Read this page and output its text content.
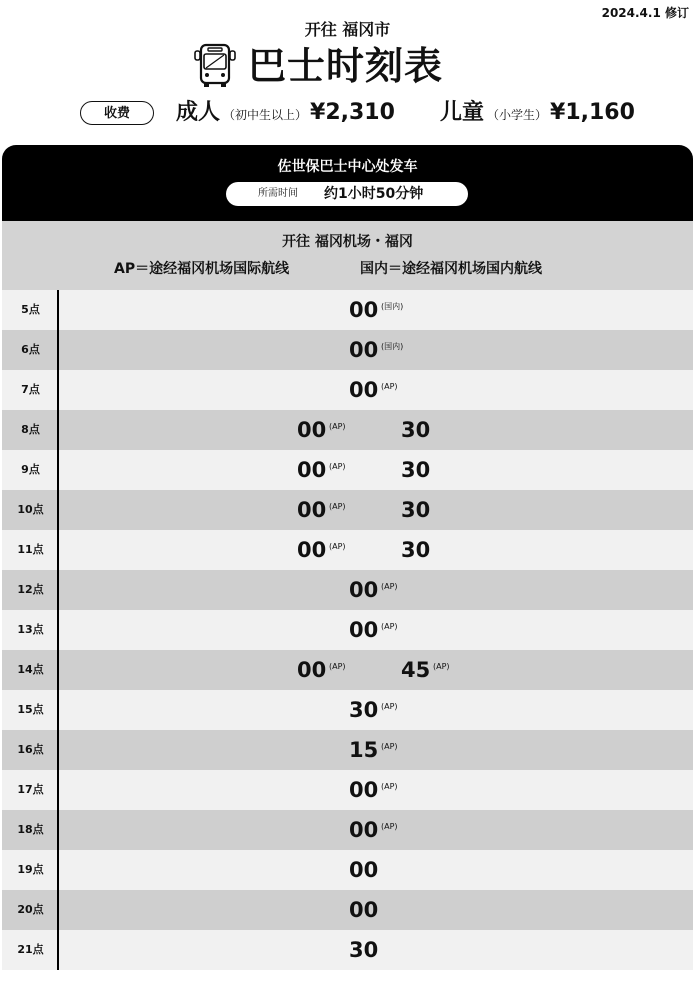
2024.4.1 修订
开往 福冈市
巴士时刻表
收费	成人 （初中生以上） ¥2,310 儿童 （小学生） ¥1,160
佐世保巴士中心处发车
所需时间 约1小时50分钟
开往 福冈机场・福冈
AP＝途经福冈机场国际航线	国内＝途经福冈机场国内航线
5点	00 (国内)
6点	00 (国内)
7点	00 (AP)
8点	00 (AP)	30
9点	00 (AP)	30
10点	00 (AP)	30
11点	00 (AP)	30
12点	00 (AP)
13点	00 (AP)
14点	00 (AP)	45 (AP)
15点	30 (AP)
16点	15 (AP)
17点	00 (AP)
18点	00 (AP)
19点	00
20点	00
21点	30
